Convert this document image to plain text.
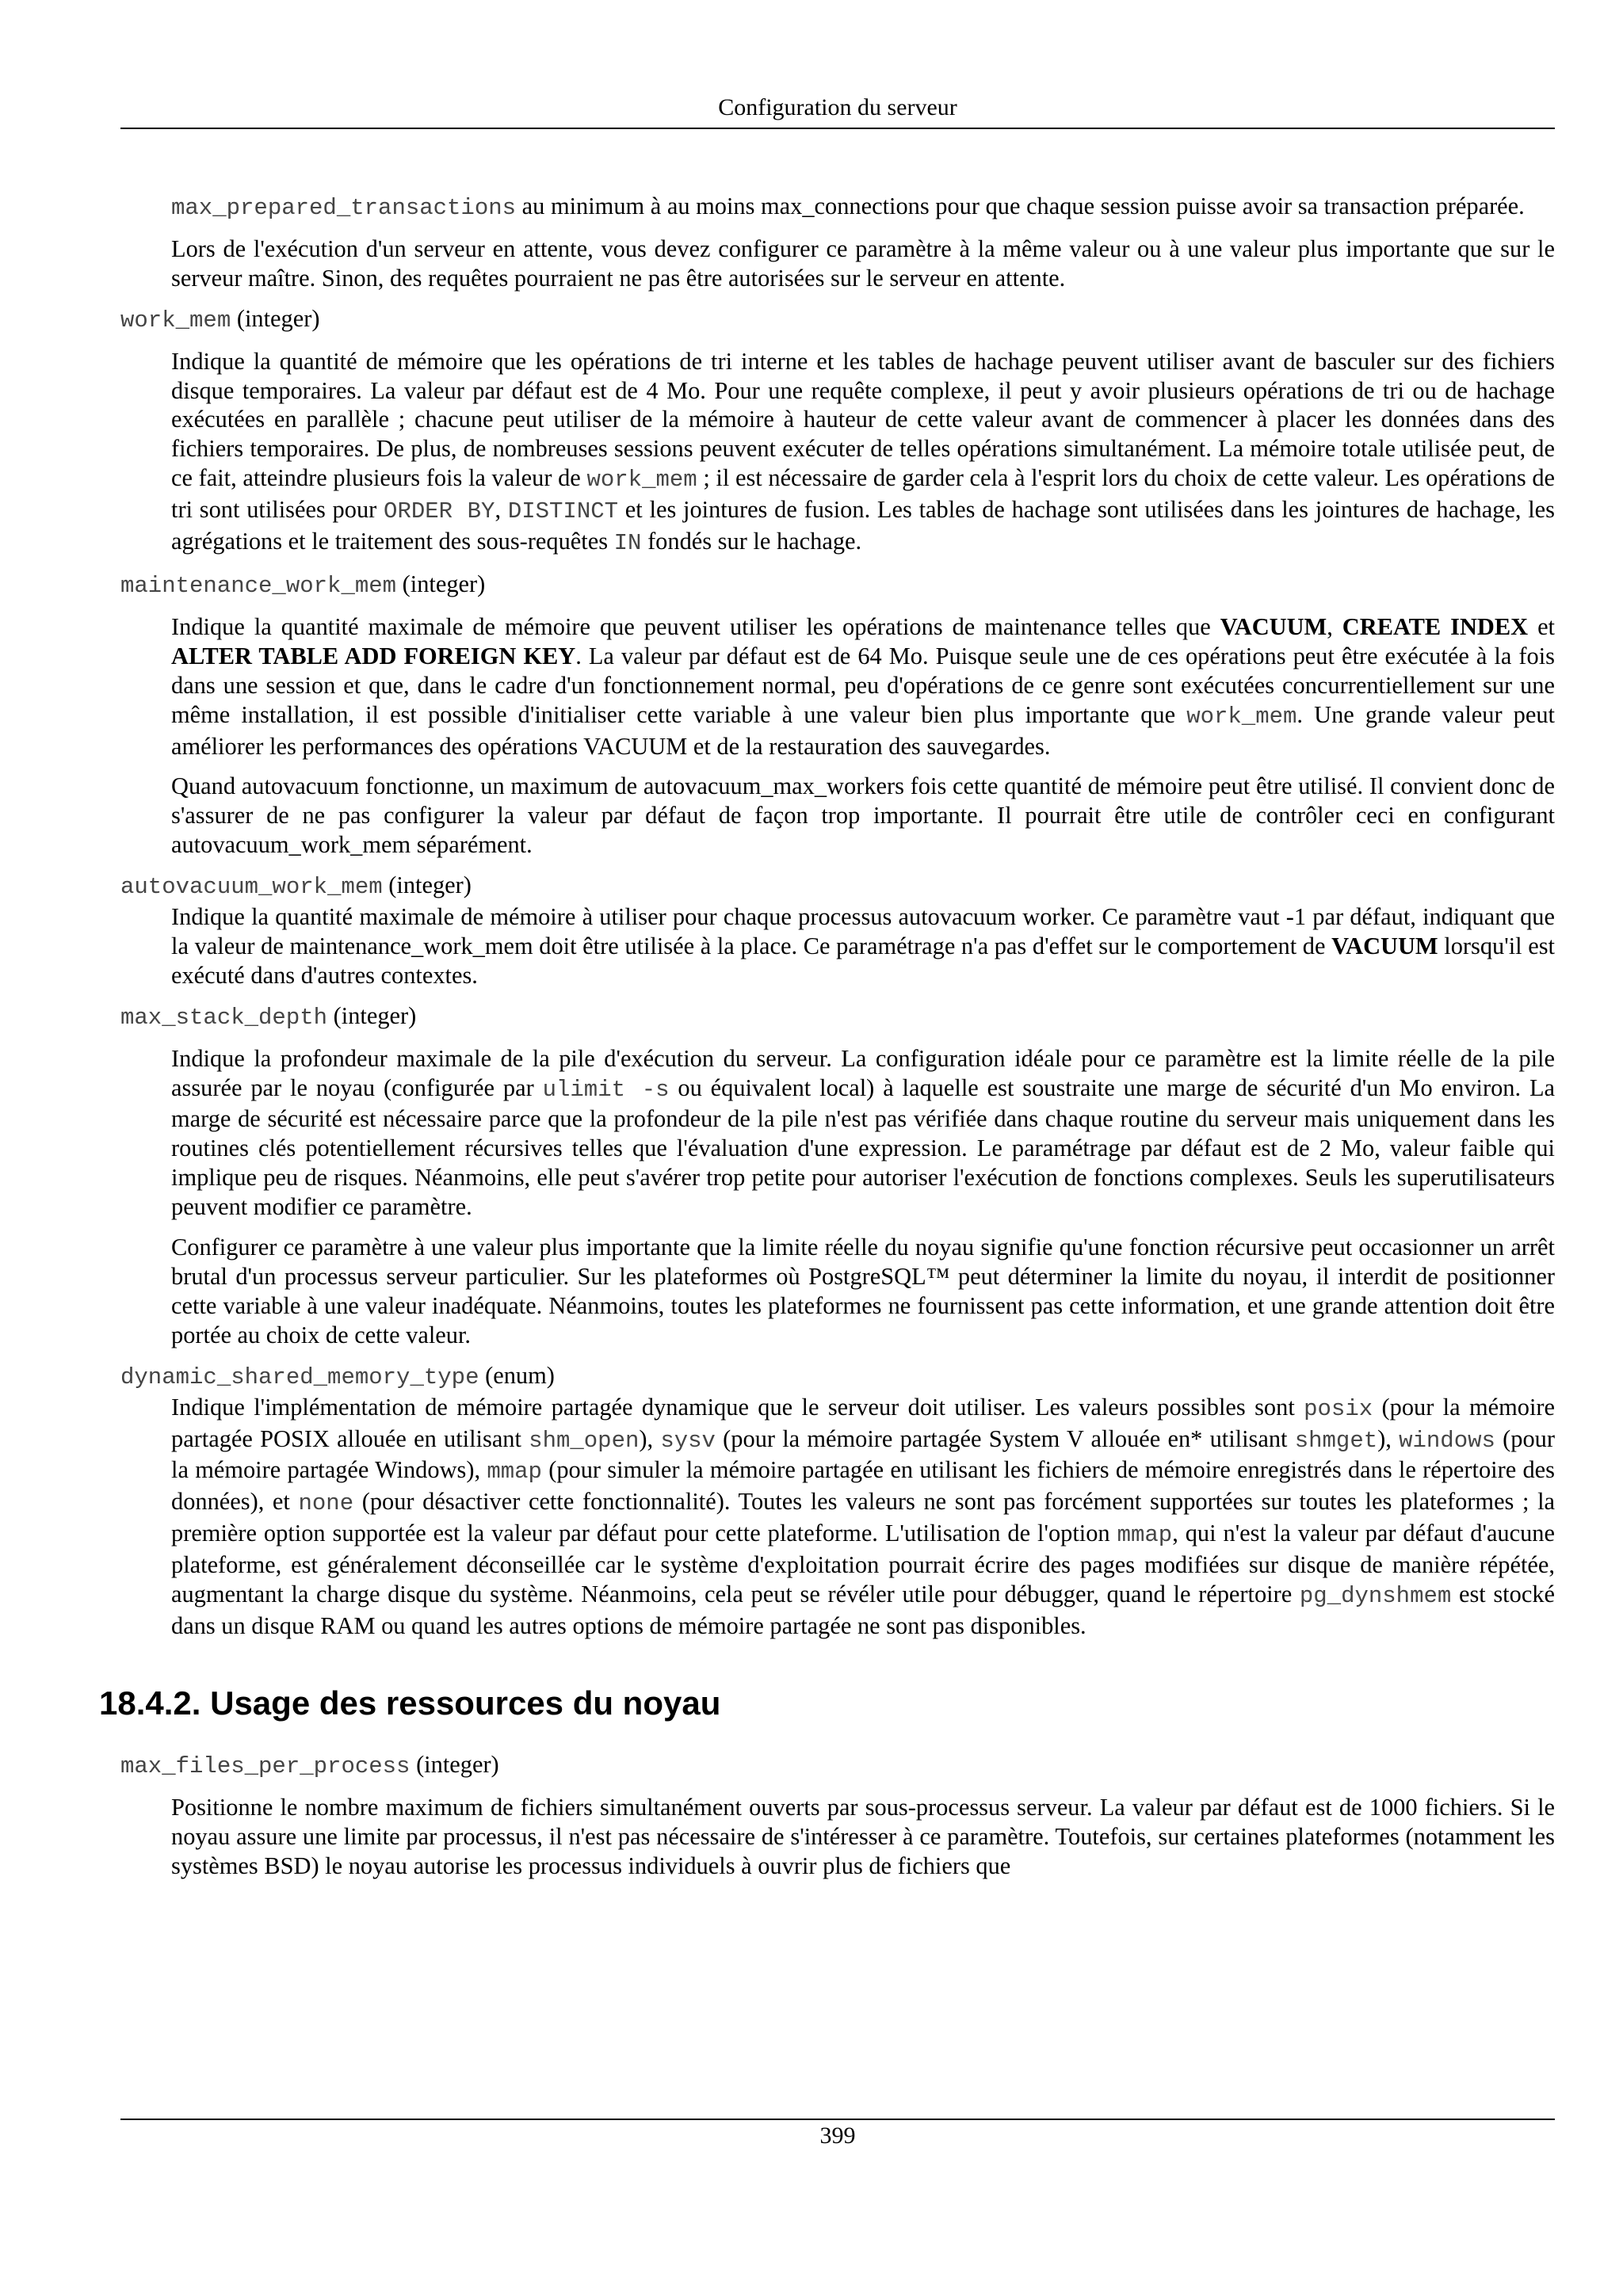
Configuration du serveur

max_prepared_transactions au minimum à au moins max_connections pour que chaque session puisse avoir sa transaction préparée.

Lors de l'exécution d'un serveur en attente, vous devez configurer ce paramètre à la même valeur ou à une valeur plus importante que sur le serveur maître. Sinon, des requêtes pourraient ne pas être autorisées sur le serveur en attente.

work_mem (integer)

Indique la quantité de mémoire que les opérations de tri interne et les tables de hachage peuvent utiliser avant de basculer sur des fichiers disque temporaires. La valeur par défaut est de 4 Mo. Pour une requête complexe, il peut y avoir plusieurs opérations de tri ou de hachage exécutées en parallèle ; chacune peut utiliser de la mémoire à hauteur de cette valeur avant de commencer à placer les données dans des fichiers temporaires. De plus, de nombreuses sessions peuvent exécuter de telles opérations simultanément. La mémoire totale utilisée peut, de ce fait, atteindre plusieurs fois la valeur de work_mem ; il est nécessaire de garder cela à l'esprit lors du choix de cette valeur. Les opérations de tri sont utilisées pour ORDER BY, DISTINCT et les jointures de fusion. Les tables de hachage sont utilisées dans les jointures de hachage, les agrégations et le traitement des sous-requêtes IN fondés sur le hachage.

maintenance_work_mem (integer)

Indique la quantité maximale de mémoire que peuvent utiliser les opérations de maintenance telles que VACUUM, CREATE INDEX et ALTER TABLE ADD FOREIGN KEY. La valeur par défaut est de 64 Mo. Puisque seule une de ces opérations peut être exécutée à la fois dans une session et que, dans le cadre d'un fonctionnement normal, peu d'opérations de ce genre sont exécutées concurrentiellement sur une même installation, il est possible d'initialiser cette variable à une valeur bien plus importante que work_mem. Une grande valeur peut améliorer les performances des opérations VACUUM et de la restauration des sauvegardes.

Quand autovacuum fonctionne, un maximum de autovacuum_max_workers fois cette quantité de mémoire peut être utilisé. Il convient donc de s'assurer de ne pas configurer la valeur par défaut de façon trop importante. Il pourrait être utile de contrôler ceci en configurant autovacuum_work_mem séparément.

autovacuum_work_mem (integer)

Indique la quantité maximale de mémoire à utiliser pour chaque processus autovacuum worker. Ce paramètre vaut -1 par défaut, indiquant que la valeur de maintenance_work_mem doit être utilisée à la place. Ce paramétrage n'a pas d'effet sur le comportement de VACUUM lorsqu'il est exécuté dans d'autres contextes.

max_stack_depth (integer)

Indique la profondeur maximale de la pile d'exécution du serveur. La configuration idéale pour ce paramètre est la limite réelle de la pile assurée par le noyau (configurée par ulimit -s ou équivalent local) à laquelle est soustraite une marge de sécurité d'un Mo environ. La marge de sécurité est nécessaire parce que la profondeur de la pile n'est pas vérifiée dans chaque routine du serveur mais uniquement dans les routines clés potentiellement récursives telles que l'évaluation d'une expression. Le paramétrage par défaut est de 2 Mo, valeur faible qui implique peu de risques. Néanmoins, elle peut s'avérer trop petite pour autoriser l'exécution de fonctions complexes. Seuls les superutilisateurs peuvent modifier ce paramètre.

Configurer ce paramètre à une valeur plus importante que la limite réelle du noyau signifie qu'une fonction récursive peut occasionner un arrêt brutal d'un processus serveur particulier. Sur les plateformes où PostgreSQL™ peut déterminer la limite du noyau, il interdit de positionner cette variable à une valeur inadéquate. Néanmoins, toutes les plateformes ne fournissent pas cette information, et une grande attention doit être portée au choix de cette valeur.

dynamic_shared_memory_type (enum)

Indique l'implémentation de mémoire partagée dynamique que le serveur doit utiliser. Les valeurs possibles sont posix (pour la mémoire partagée POSIX allouée en utilisant shm_open), sysv (pour la mémoire partagée System V allouée en* utilisant shmget), windows (pour la mémoire partagée Windows), mmap (pour simuler la mémoire partagée en utilisant les fichiers de mémoire enregistrés dans le répertoire des données), et none (pour désactiver cette fonctionnalité). Toutes les valeurs ne sont pas forcément supportées sur toutes les plateformes ; la première option supportée est la valeur par défaut pour cette plateforme. L'utilisation de l'option mmap, qui n'est la valeur par défaut d'aucune plateforme, est généralement déconseillée car le système d'exploitation pourrait écrire des pages modifiées sur disque de manière répétée, augmentant la charge disque du système. Néanmoins, cela peut se révéler utile pour débugger, quand le répertoire pg_dynshmem est stocké dans un disque RAM ou quand les autres options de mémoire partagée ne sont pas disponibles.

18.4.2. Usage des ressources du noyau
max_files_per_process (integer)

Positionne le nombre maximum de fichiers simultanément ouverts par sous-processus serveur. La valeur par défaut est de 1000 fichiers. Si le noyau assure une limite par processus, il n'est pas nécessaire de s'intéresser à ce paramètre. Toutefois, sur certaines plateformes (notamment les systèmes BSD) le noyau autorise les processus individuels à ouvrir plus de fichiers que

399
